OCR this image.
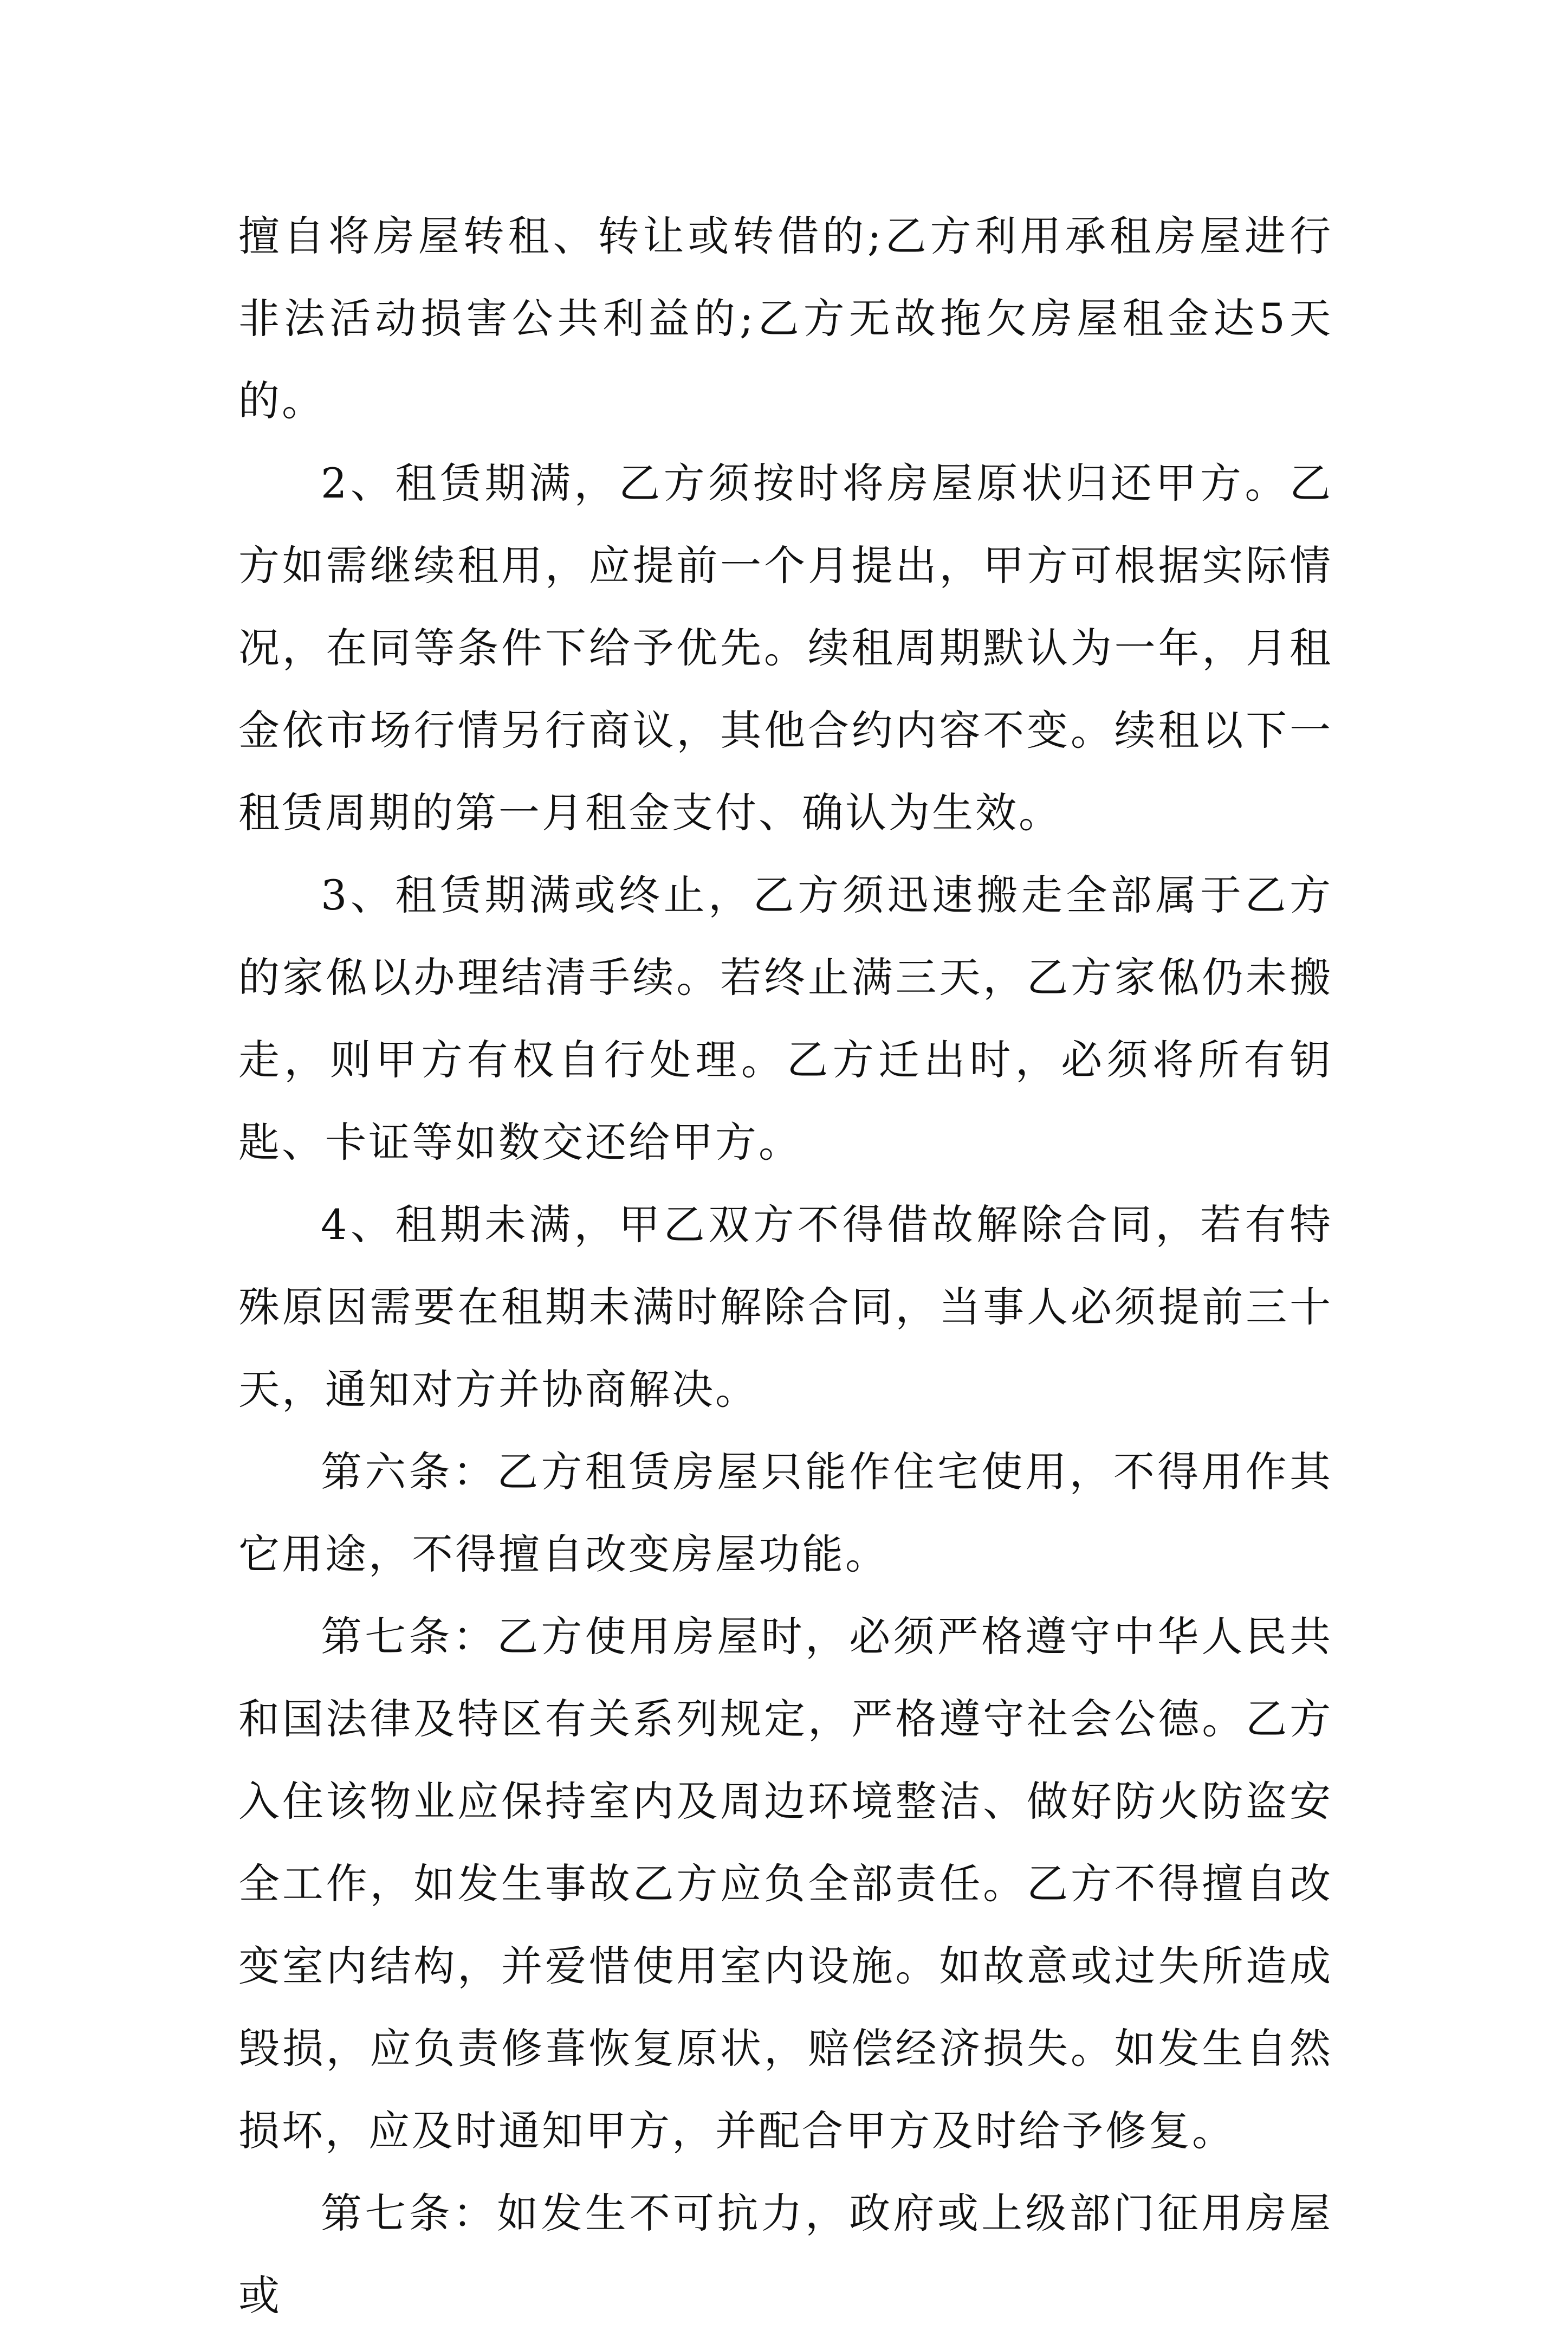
擅自将房屋转租、转让或转借的;乙方利用承租房屋进行非法活动损害公共利益的;乙方无故拖欠房屋租金达5天的。

2、租赁期满，乙方须按时将房屋原状归还甲方。乙方如需继续租用，应提前一个月提出，甲方可根据实际情况，在同等条件下给予优先。续租周期默认为一年，月租金依市场行情另行商议，其他合约内容不变。续租以下一租赁周期的第一月租金支付、确认为生效。

3、租赁期满或终止，乙方须迅速搬走全部属于乙方的家俬以办理结清手续。若终止满三天，乙方家俬仍未搬走，则甲方有权自行处理。乙方迁出时，必须将所有钥匙、卡证等如数交还给甲方。

4、租期未满，甲乙双方不得借故解除合同，若有特殊原因需要在租期未满时解除合同，当事人必须提前三十天，通知对方并协商解决。

第六条：乙方租赁房屋只能作住宅使用，不得用作其它用途，不得擅自改变房屋功能。

第七条：乙方使用房屋时，必须严格遵守中华人民共和国法律及特区有关系列规定，严格遵守社会公德。乙方入住该物业应保持室内及周边环境整洁、做好防火防盗安全工作，如发生事故乙方应负全部责任。乙方不得擅自改变室内结构，并爱惜使用室内设施。如故意或过失所造成毁损，应负责修葺恢复原状，赔偿经济损失。如发生自然损坏，应及时通知甲方，并配合甲方及时给予修复。

第七条：如发生不可抗力，政府或上级部门征用房屋或
